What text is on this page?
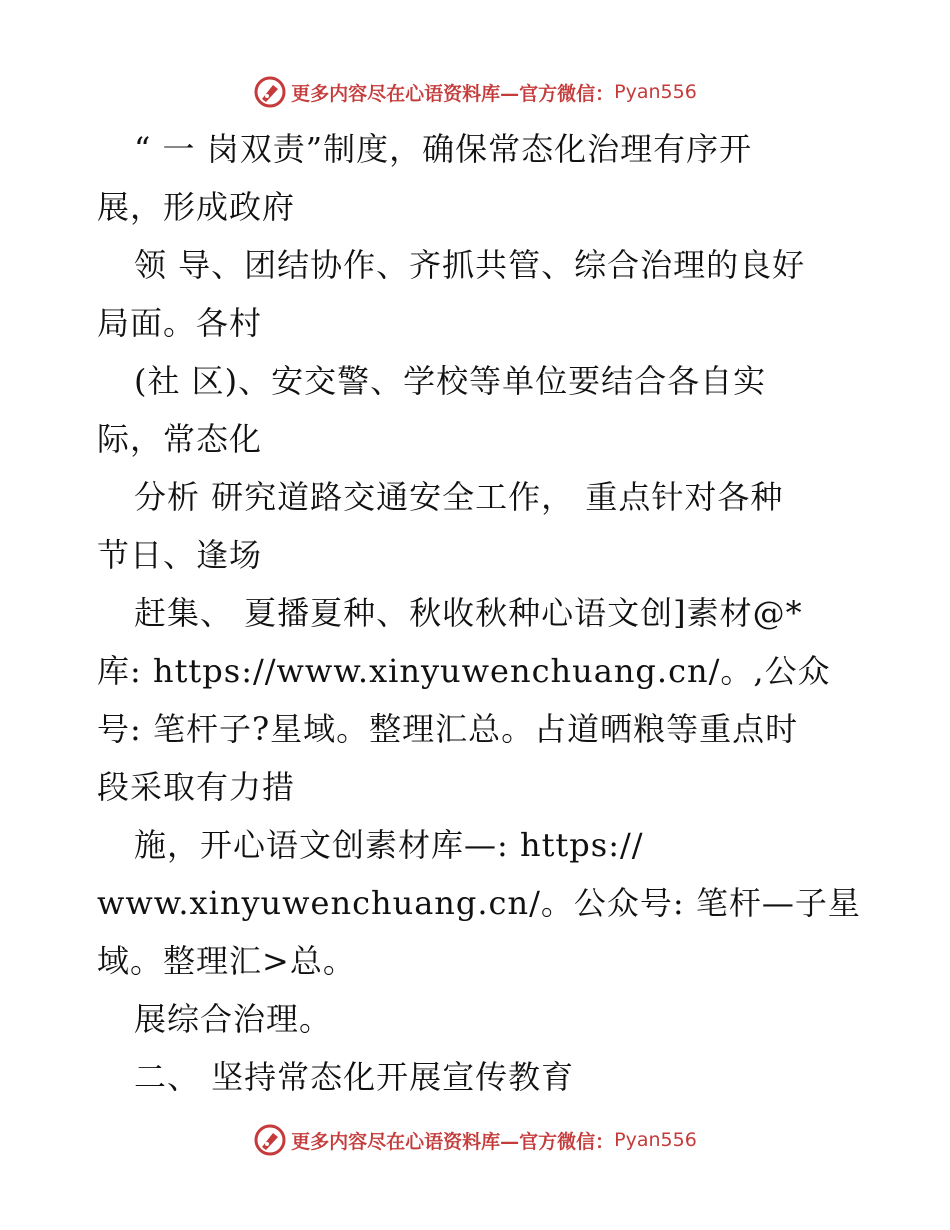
更多内容尽在心语资料库—官方微信： Pyan556
“ 一 岗双责”制度，确保常态化治理有序开
展，形成政府
领 导、团结协作、齐抓共管、综合治理的良好
局面。各村
(社 区)、安交警、学校等单位要结合各自实
际，常态化
分析 研究道路交通安全工作， 重点针对各种
节日、逢场
赶集、 夏播夏种、秋收秋种心语文创]素材@*
库: https://www.xinyuwenchuang.cn/。,公众
号: 笔杆子?星域。整理汇总。占道晒粮等重点时
段采取有力措
施，开心语文创素材库—: https://
www.xinyuwenchuang.cn/。公众号: 笔杆—子星
域。整理汇>总。
展综合治理。
二、 坚持常态化开展宣传教育
更多内容尽在心语资料库—官方微信： Pyan556
